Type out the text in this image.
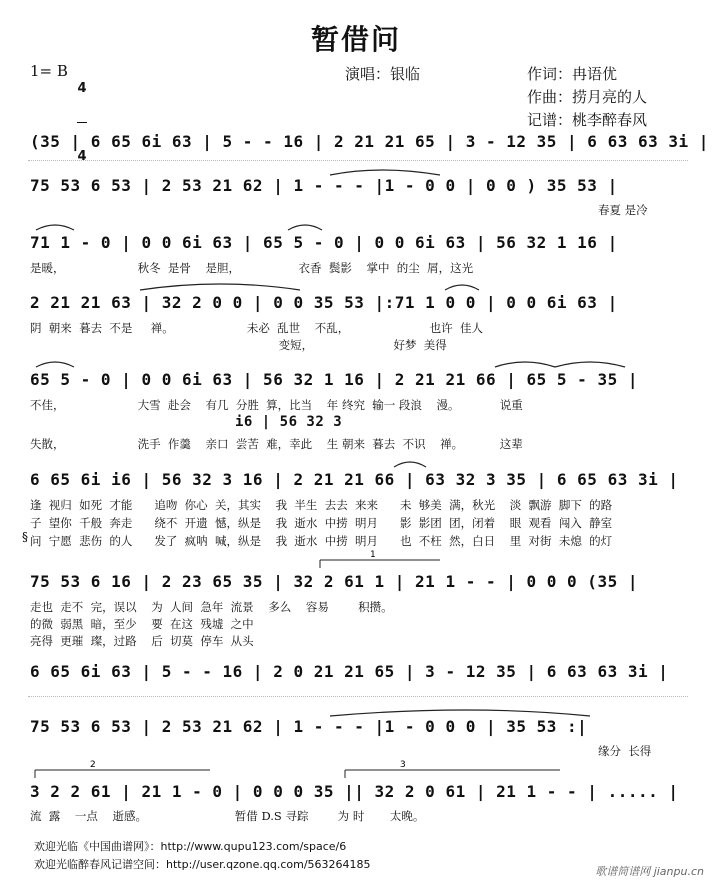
暂借问
1= B

4

4

演唱：银临	作词：冉语优
作曲：捞月亮的人
记谱：桃李醉春风
(35 | 6 65 6i 63 | 5 - - 16 | 2 21 21 65 | 3 - 12 35 | 6 63 63 3i |
75 53 6 53 | 2 53 21 62 | 1 - - - |1 - 0 0 | 0 0 ) 35 53 |
春夏 是冷
71 1 - 0 | 0 0 6i 63 | 65 5 - 0 | 0 0 6i 63 | 56 32 1 16 |
是暖，                    秋冬  是骨    是胆，                衣香  鬓影    掌中  的尘  屑，这光
2 21 21 63 | 32 2 0 0 | 0 0 35 53 |:71 1 0 0 | 0 0 6i 63 |
阴  朝来  暮去  不是     禅。                    未必  乱世    不乱，                      也许  佳人
变短，                      好梦  美得
65 5 - 0 | 0 0 6i 63 | 56 32 1 16 | 2 21 21 66 | 65 5 - 35 |
不佳，                    大雪  赴会    有几  分胜  算，比当    年 终究  输一 段浪    漫。           说重
i6 | 56 32 3
失散，                    洗手  作羹    亲口  尝苦  难，幸此    生 朝来  暮去  不识    禅。          这辈
6 65 6i i6 | 56 32 3 16 | 2 21 21 66 | 63 32 3 35 | 6 65 63 3i |
逢  视归  如死  才能      追吻  你心  关，其实    我  半生  去去  来来      未  够美  满，秋光    淡  飘游  脚下  的路
子  望你  千般  奔走      绕不  开遗  憾，纵是    我  逝水  中捞  明月      影  影团  团，闭着    眼  观看  闯入  静室
问  宁愿  悲伤  的人      发了  疯呐  喊，纵是    我  逝水  中捞  明月      也  不枉  然，白日    里  对街  未熄  的灯
75 53 6 16 | 2 23 65 35 | 32 2 61 1 | 21 1 - - | 0 0 0 (35 |
走也  走不  完，误以    为  人间  急年  流景    多么    容易        积攒。
的微  弱黑  暗，至少    要  在这  残墟  之中
亮得  更璀  璨，过路    后  切莫  停车  从头
6 65 6i 63 | 5 - - 16 | 2 0 21 21 65 | 3 - 12 35 | 6 63 63 3i |
75 53 6 53 | 2 53 21 62 | 1 - - - |1 - 0 0 0 | 35 53 :|
缘分  长得
3 2 2 61 | 21 1 - 0 | 0 0 0 35 || 32 2 0 61 | 21 1 - - | ..... |
流  露    一点    逝感。                        暂借 D.S 寻踪        为 时       太晚。
1
2	3
§
欢迎光临《中国曲谱网》：http://www.qupu123.com/space/6
欢迎光临醉春风记谱空间：http://user.qzone.qq.com/563264185
歌谱简谱网 jianpu.cn
